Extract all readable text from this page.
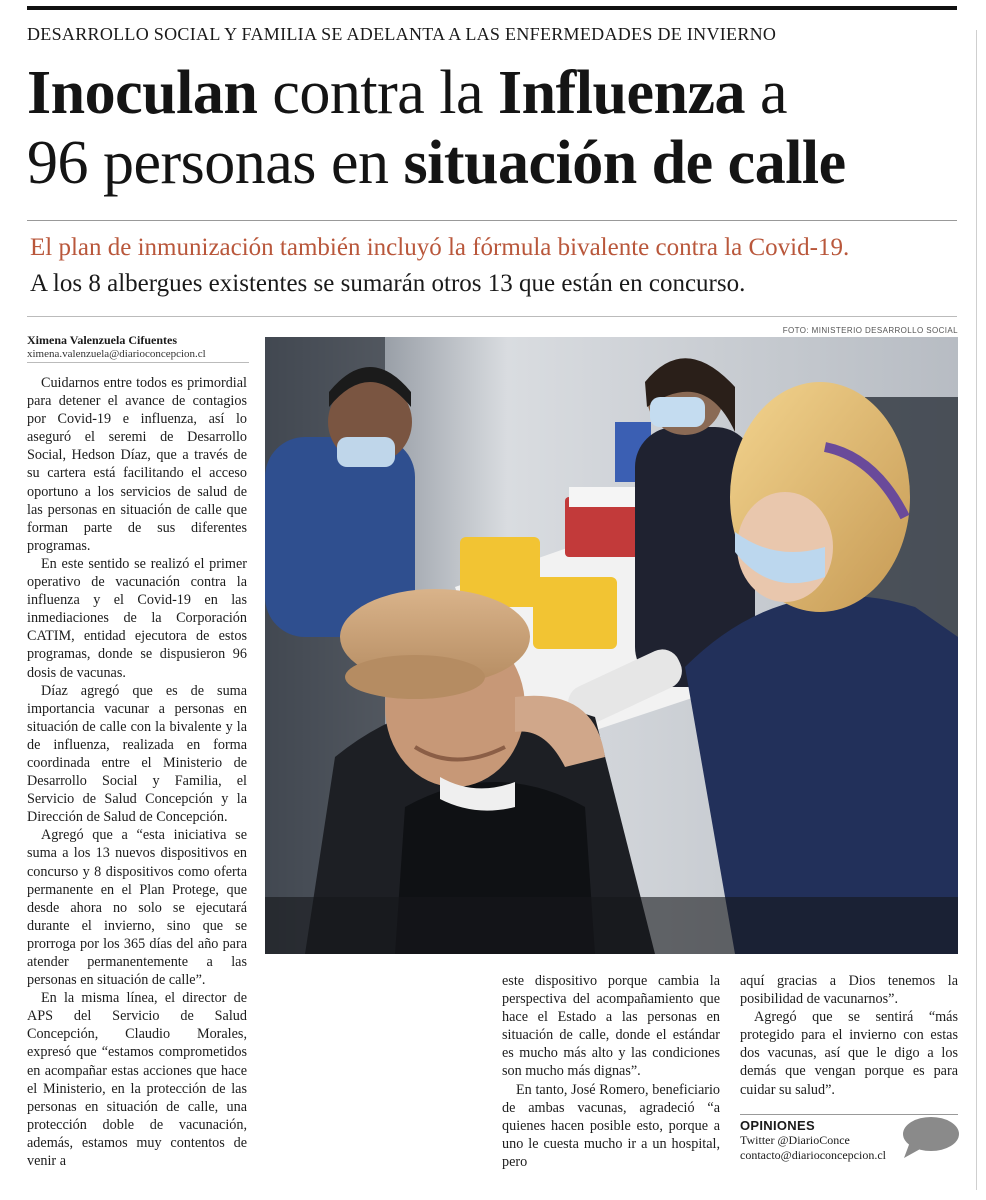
DESARROLLO SOCIAL Y FAMILIA SE ADELANTA A LAS ENFERMEDADES DE INVIERNO
Inoculan contra la Influenza a
96 personas en situación de calle
El plan de inmunización también incluyó la fórmula bivalente contra la Covid-19.
A los 8 albergues existentes se sumarán otros 13 que están en concurso.
Ximena Valenzuela Cifuentes
ximena.valenzuela@diarioconcepcion.cl
FOTO: MINISTERIO DESARROLLO SOCIAL

Cuidarnos entre todos es primordial para detener el avance de contagios por Covid-19 e influenza, así lo aseguró el seremi de Desarrollo Social, Hedson Díaz, que a través de su cartera está facilitando el acceso oportuno a los servicios de salud de las personas en situación de calle que forman parte de sus diferentes programas.

En este sentido se realizó el primer operativo de vacunación contra la influenza y el Covid-19 en las inmediaciones de la Corporación CATIM, entidad ejecutora de estos programas, donde se dispusieron 96 dosis de vacunas.

Díaz agregó que es de suma importancia vacunar a personas en situación de calle con la bivalente y la de influenza, realizada en forma coordinada entre el Ministerio de Desarrollo Social y Familia, el Servicio de Salud Concepción y la Dirección de Salud de Concepción.

Agregó que a “esta iniciativa se suma a los 13 nuevos dispositivos en concurso y 8 dispositivos como oferta permanente en el Plan Protege, que desde ahora no solo se ejecutará durante el invierno, sino que se prorroga por los 365 días del año para atender permanentemente a las personas en situación de calle”.

En la misma línea, el director de APS del Servicio de Salud Concepción, Claudio Morales, expresó que “estamos comprometidos en acompañar estas acciones que hace el Ministerio, en la protección de las personas en situación de calle, una protección doble de vacunación, además, estamos muy contentos de venir a

este dispositivo porque cambia la perspectiva del acompañamiento que hace el Estado a las personas en situación de calle, donde el estándar es mucho más alto y las condiciones son mucho más dignas”.

En tanto, José Romero, beneficiario de ambas vacunas, agradeció “a quienes hacen posible esto, porque a uno le cuesta mucho ir a un hospital, pero

aquí gracias a Dios tenemos la posibilidad de vacunarnos”.

Agregó que se sentirá “más protegido para el invierno con estas dos vacunas, así que le digo a los demás que vengan porque es para cuidar su salud”.

OPINIONES
Twitter @DiarioConce
contacto@diarioconcepcion.cl
